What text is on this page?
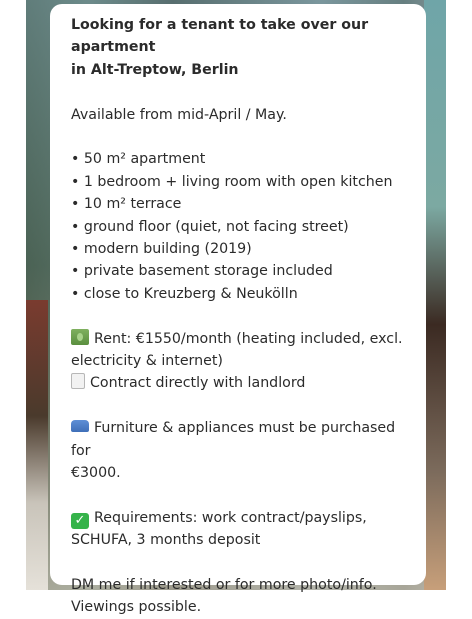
Looking for a tenant to take over our apartment
in Alt-Treptow, Berlin

Available from mid-April / May.

• 50 m² apartment
• 1 bedroom + living room with open kitchen
• 10 m² terrace
• ground floor (quiet, not facing street)
• modern building (2019)
• private basement storage included
• close to Kreuzberg & Neukölln

Rent: €1550/month (heating included, excl.
electricity & internet)
Contract directly with landlord

Furniture & appliances must be purchased for
€3000.

✓ Requirements: work contract/payslips,
SCHUFA, 3 months deposit

DM me if interested or for more photo/info.
Viewings possible.
